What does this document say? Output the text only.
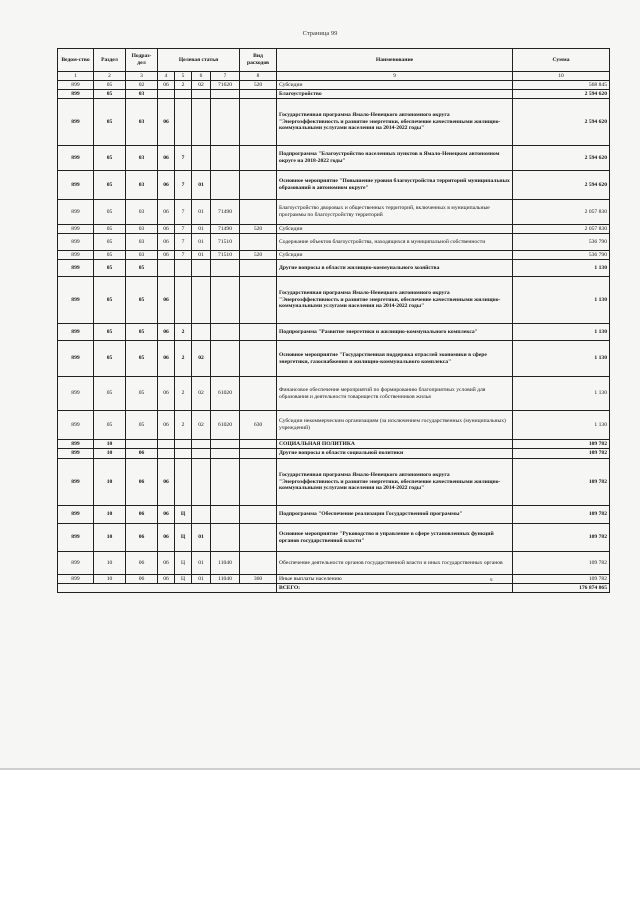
Страница 99
Ведом-ство	Раздел	Подраз-дел	Целевая статья				Вид расходов	Наименование	Сумма
1	2	3	4	5	6	7	8	9	10
899	05	02	06	2	02	71620	520	Субсидии	568 845
899	05	03						Благоустройство	2 594 620
899	05	03	06					Государственная программа Ямало-Ненецкого автономного округа "Энергоэффективность и развитие энергетики, обеспечение качественными жилищно-коммунальными услугами населения на 2014-2022 годы"	2 594 620
899	05	03	06	7				Подпрограмма "Благоустройство населенных пунктов в Ямало-Ненецком автономном округе на 2018-2022 годы"	2 594 620
899	05	03	06	7	01			Основное мероприятие "Повышение уровня благоустройства территорий муниципальных образований в автономном округе"	2 594 620
899	05	03	06	7	01	71490		Благоустройство дворовых и общественных территорий, включенных в муниципальные программы по благоустройству территорий	2 057 830
899	05	03	06	7	01	71490	520	Субсидии	2 057 830
899	05	03	06	7	01	71510		Содержание объектов благоустройства, находящихся в муниципальной собственности	536 790
899	05	03	06	7	01	71510	520	Субсидии	536 790
899	05	05						Другие вопросы в области жилищно-коммунального хозяйства	1 130
899	05	05	06					Государственная программа Ямало-Ненецкого автономного округа "Энергоэффективность и развитие энергетики, обеспечение качественными жилищно-коммунальными услугами населения на 2014-2022 годы"	1 130
899	05	05	06	2				Подпрограмма "Развитие энергетики и жилищно-коммунального комплекса"	1 130
899	05	05	06	2	02			Основное мероприятие "Государственная поддержка отраслей экономики в сфере энергетики, газоснабжения и жилищно-коммунального комплекса"	1 130
899	05	05	06	2	02	61020		Финансовое обеспечение мероприятий по формированию благоприятных условий для образования и деятельности товариществ собственников жилья	1 130
899	05	05	06	2	02	61020	630	Субсидии некоммерческим организациям (за исключением государственных (муниципальных) учреждений)	1 130
899	10							СОЦИАЛЬНАЯ ПОЛИТИКА	109 782
899	10	06						Другие вопросы в области социальной политики	109 782
899	10	06	06					Государственная программа Ямало-Ненецкого автономного округа "Энергоэффективность и развитие энергетики, обеспечение качественными жилищно-коммунальными услугами населения на 2014-2022 годы"	109 782
899	10	06	06	Ц				Подпрограмма "Обеспечение реализации Государственной программы"	109 782
899	10	06	06	Ц	01			Основное мероприятие "Руководство и управление в сфере установленных функций органов государственной власти"	109 782
899	10	06	06	Ц	01	11040		Обеспечение деятельности органов государственной власти и иных государственных органов	109 782
899	10	06	06	Ц	01	11040	360	Иные выплаты населению	109 782
								ВСЕГО:	176 874 865
ч
